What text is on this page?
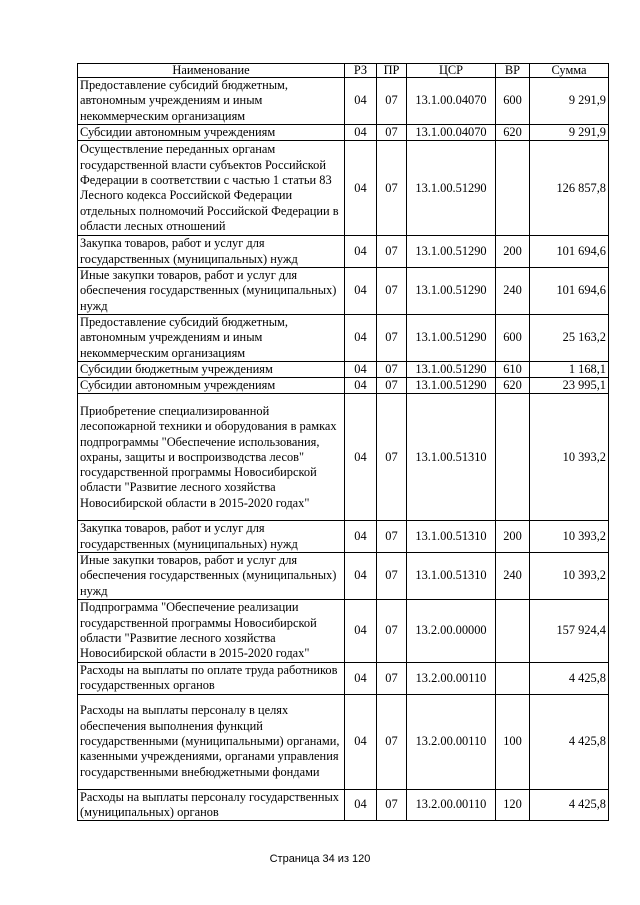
Наименование	РЗ	ПР	ЦСР	ВР	Сумма
Предоставление субсидий бюджетным, автономным учреждениям и иным некоммерческим организациям	04	07	13.1.00.04070	600	9 291,9
Субсидии автономным учреждениям	04	07	13.1.00.04070	620	9 291,9
Осуществление переданных органам государственной власти субъектов Российской Федерации в соответствии с частью 1 статьи 83 Лесного кодекса Российской Федерации отдельных полномочий Российской Федерации в области лесных отношений	04	07	13.1.00.51290		126 857,8
Закупка товаров, работ и услуг для государственных (муниципальных) нужд	04	07	13.1.00.51290	200	101 694,6
Иные закупки товаров, работ и услуг для обеспечения государственных (муниципальных) нужд	04	07	13.1.00.51290	240	101 694,6
Предоставление субсидий бюджетным, автономным учреждениям и иным некоммерческим организациям	04	07	13.1.00.51290	600	25 163,2
Субсидии бюджетным учреждениям	04	07	13.1.00.51290	610	1 168,1
Субсидии автономным учреждениям	04	07	13.1.00.51290	620	23 995,1
Приобретение специализированной лесопожарной техники и оборудования в рамках подпрограммы "Обеспечение использования, охраны, защиты и воспроизводства лесов" государственной программы Новосибирской области "Развитие лесного хозяйства Новосибирской области в 2015-2020 годах"	04	07	13.1.00.51310		10 393,2
Закупка товаров, работ и услуг для государственных (муниципальных) нужд	04	07	13.1.00.51310	200	10 393,2
Иные закупки товаров, работ и услуг для обеспечения государственных (муниципальных) нужд	04	07	13.1.00.51310	240	10 393,2
Подпрограмма "Обеспечение реализации государственной программы Новосибирской области "Развитие лесного хозяйства Новосибирской области в 2015-2020 годах"	04	07	13.2.00.00000		157 924,4
Расходы на выплаты по оплате труда работников государственных органов	04	07	13.2.00.00110		4 425,8
Расходы на выплаты персоналу в целях обеспечения выполнения функций государственными (муниципальными) органами, казенными учреждениями, органами управления государственными внебюджетными фондами	04	07	13.2.00.00110	100	4 425,8
Расходы на выплаты персоналу государственных (муниципальных) органов	04	07	13.2.00.00110	120	4 425,8
Страница 34 из 120
